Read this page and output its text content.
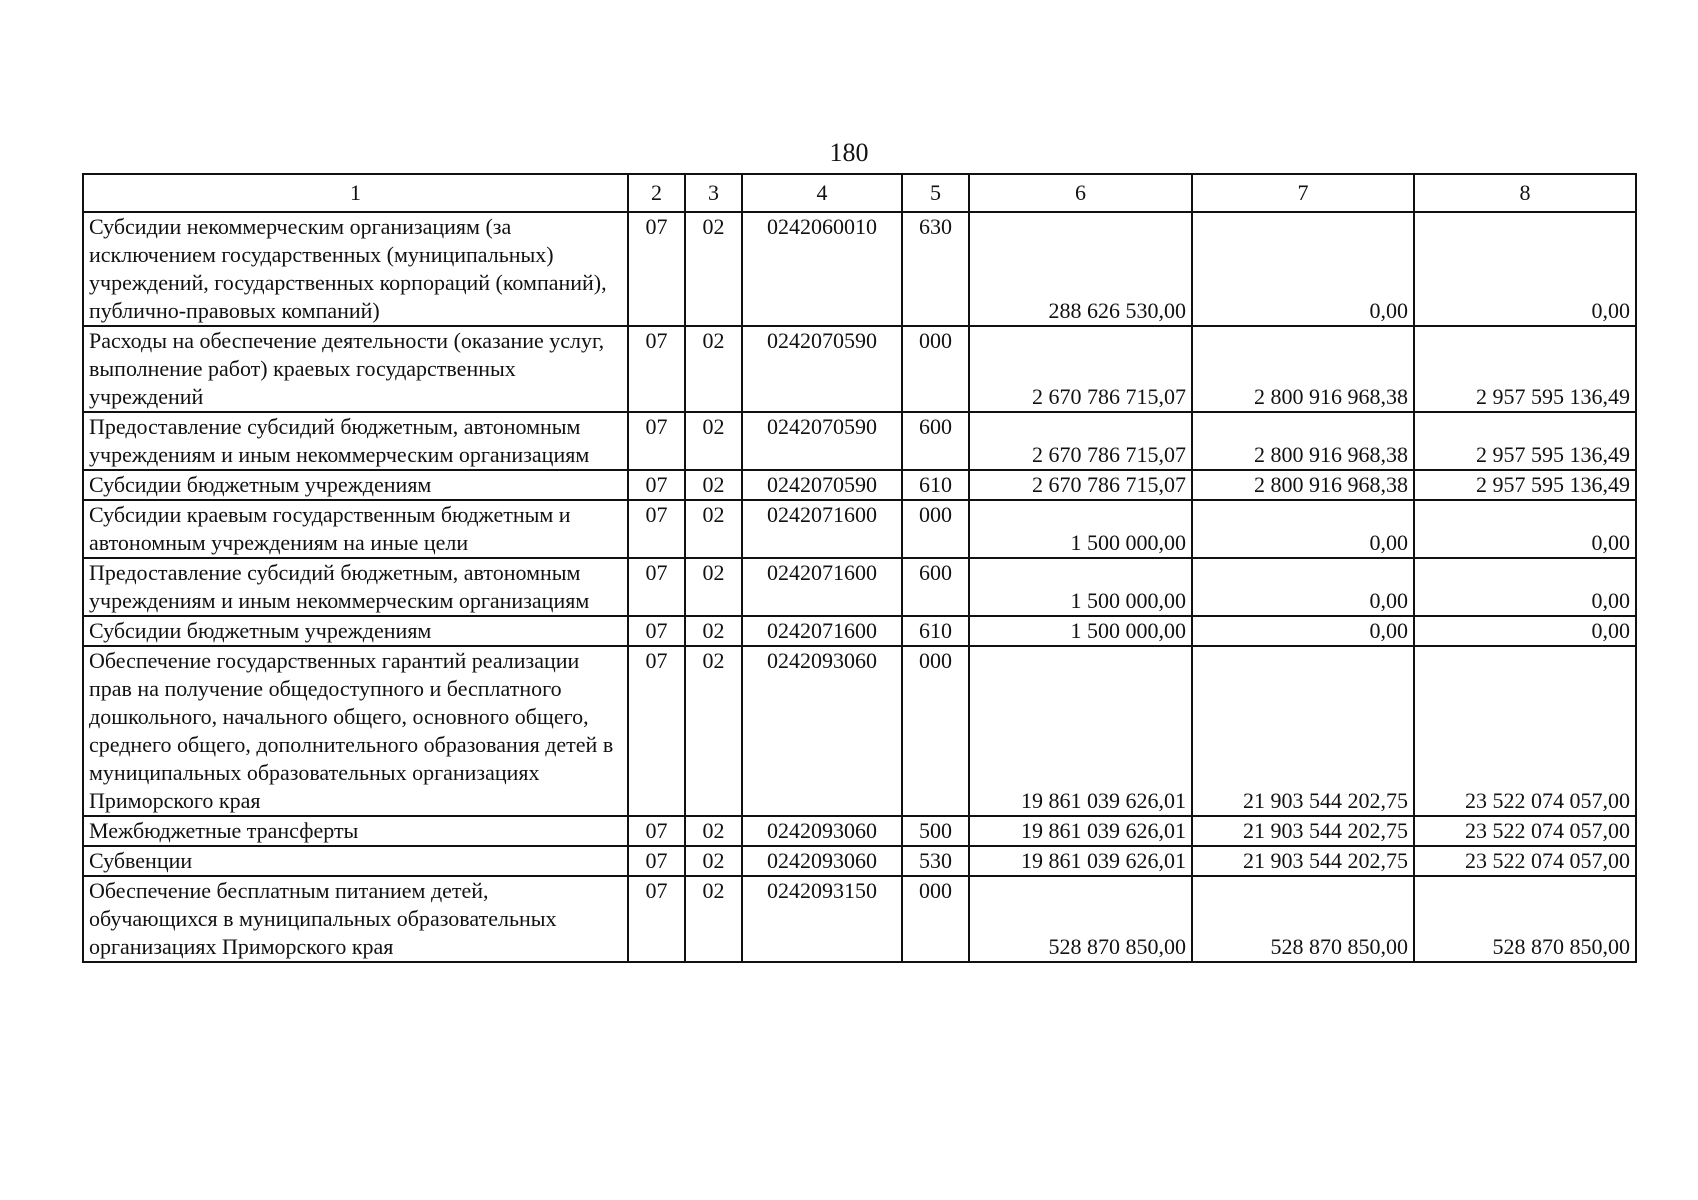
180
1	2	3	4	5	6	7	8
Субсидии некоммерческим организациям (за исключением государственных (муниципальных) учреждений, государственных корпораций (компаний), публично-правовых компаний)	07	02	0242060010	630	288 626 530,00	0,00	0,00
Расходы на обеспечение деятельности (оказание услуг, выполнение работ) краевых государственных учреждений	07	02	0242070590	000	2 670 786 715,07	2 800 916 968,38	2 957 595 136,49
Предоставление субсидий бюджетным, автономным учреждениям и иным некоммерческим организациям	07	02	0242070590	600	2 670 786 715,07	2 800 916 968,38	2 957 595 136,49
Субсидии бюджетным учреждениям	07	02	0242070590	610	2 670 786 715,07	2 800 916 968,38	2 957 595 136,49
Субсидии краевым государственным бюджетным и автономным учреждениям на иные цели	07	02	0242071600	000	1 500 000,00	0,00	0,00
Предоставление субсидий бюджетным, автономным учреждениям и иным некоммерческим организациям	07	02	0242071600	600	1 500 000,00	0,00	0,00
Субсидии бюджетным учреждениям	07	02	0242071600	610	1 500 000,00	0,00	0,00
Обеспечение государственных гарантий реализации прав на получение общедоступного и бесплатного дошкольного, начального общего, основного общего, среднего общего, дополнительного образования детей в муниципальных образовательных организациях Приморского края	07	02	0242093060	000	19 861 039 626,01	21 903 544 202,75	23 522 074 057,00
Межбюджетные трансферты	07	02	0242093060	500	19 861 039 626,01	21 903 544 202,75	23 522 074 057,00
Субвенции	07	02	0242093060	530	19 861 039 626,01	21 903 544 202,75	23 522 074 057,00
Обеспечение бесплатным питанием детей, обучающихся в муниципальных образовательных организациях Приморского края	07	02	0242093150	000	528 870 850,00	528 870 850,00	528 870 850,00
